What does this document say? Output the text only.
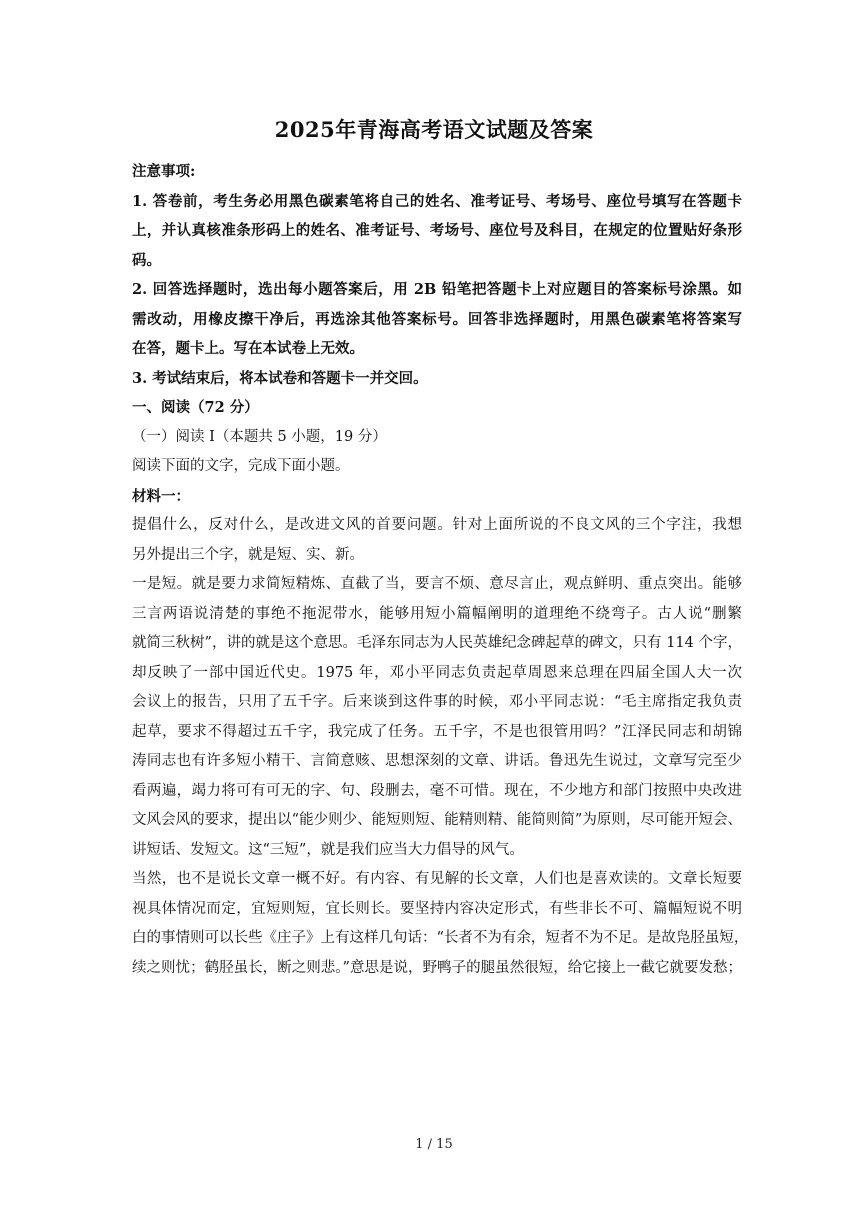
2025年青海高考语文试题及答案

注意事项:

1. 答卷前，考生务必用黑色碳素笔将自己的姓名、准考证号、考场号、座位号填写在答题卡
上，并认真核准条形码上的姓名、准考证号、考场号、座位号及科目，在规定的位置贴好条形
码。

2. 回答选择题时，选出每小题答案后，用 2B 铅笔把答题卡上对应题目的答案标号涂黑。如
需改动，用橡皮擦干净后，再选涂其他答案标号。回答非选择题时，用黑色碳素笔将答案写
在答，题卡上。写在本试卷上无效。

3. 考试结束后，将本试卷和答题卡一并交回。

一、阅读（72 分）

（一）阅读 I（本题共 5 小题，19 分）

阅读下面的文字，完成下面小题。

材料一：

提倡什么，反对什么，是改进文风的首要问题。针对上面所说的不良文风的三个字注，我想
另外提出三个字，就是短、实、新。

一是短。就是要力求简短精炼、直截了当，要言不烦、意尽言止，观点鲜明、重点突出。能够
三言两语说清楚的事绝不拖泥带水，能够用短小篇幅阐明的道理绝不绕弯子。古人说“删繁
就简三秋树”，讲的就是这个意思。毛泽东同志为人民英雄纪念碑起草的碑文，只有 114 个字，
却反映了一部中国近代史。1975 年，邓小平同志负责起草周恩来总理在四届全国人大一次
会议上的报告，只用了五千字。后来谈到这件事的时候，邓小平同志说：“毛主席指定我负责
起草，要求不得超过五千字，我完成了任务。五千字，不是也很管用吗？”江泽民同志和胡锦
涛同志也有许多短小精干、言简意赅、思想深刻的文章、讲话。鲁迅先生说过，文章写完至少
看两遍，竭力将可有可无的字、句、段删去，毫不可惜。现在，不少地方和部门按照中央改进
文风会风的要求，提出以“能少则少、能短则短、能精则精、能简则简”为原则，尽可能开短会、
讲短话、发短文。这“三短”，就是我们应当大力倡导的风气。

当然，也不是说长文章一概不好。有内容、有见解的长文章，人们也是喜欢读的。文章长短要
视具体情况而定，宜短则短，宜长则长。要坚持内容决定形式，有些非长不可、篇幅短说不明
白的事情则可以长些《庄子》上有这样几句话：“长者不为有余，短者不为不足。是故凫胫虽短，
续之则忧；鹤胫虽长，断之则悲。”意思是说，野鸭子的腿虽然很短，给它接上一截它就要发愁；

1 / 15
